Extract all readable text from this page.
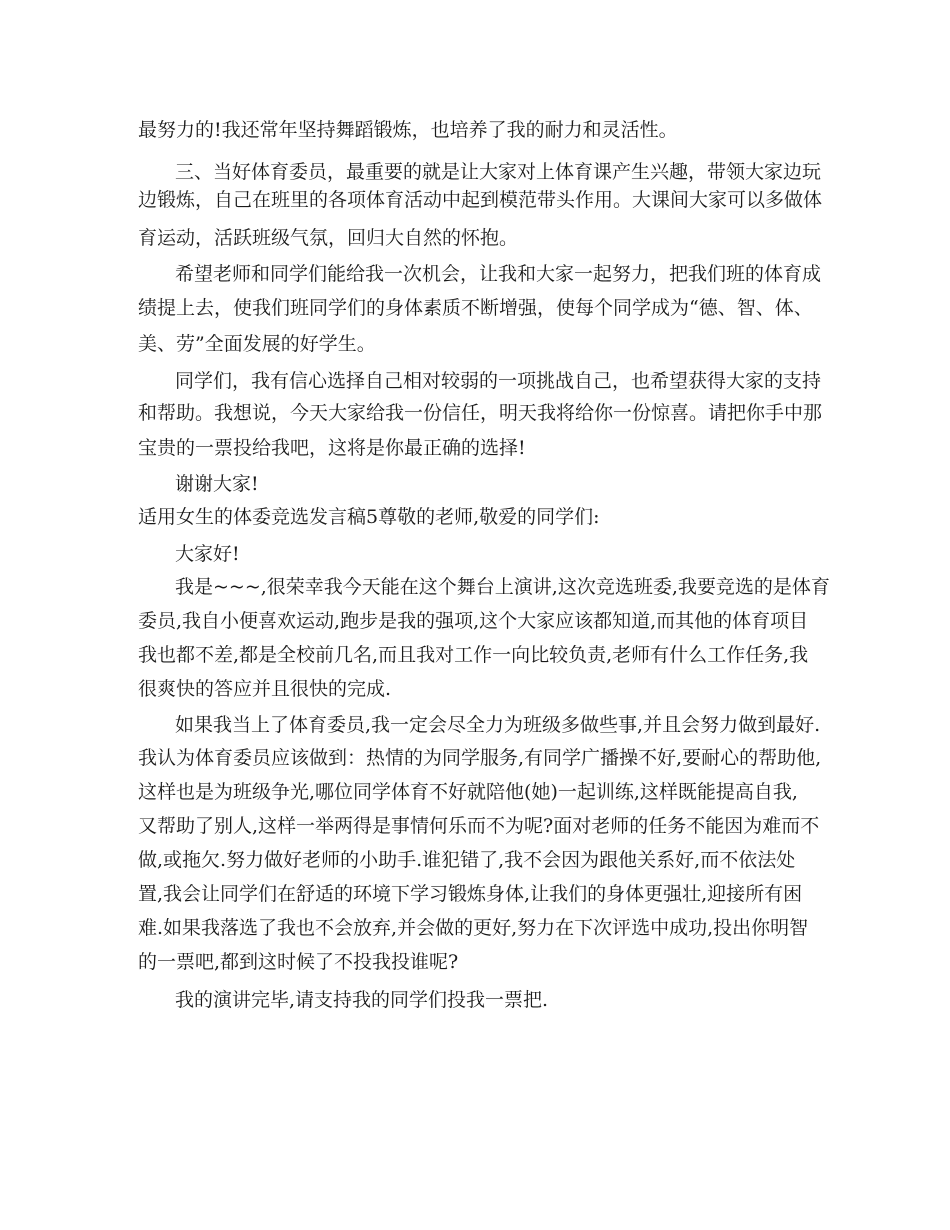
最努力的!我还常年坚持舞蹈锻炼，也培养了我的耐力和灵活性。
三、当好体育委员，最重要的就是让大家对上体育课产生兴趣，带领大家边玩
边锻炼，自己在班里的各项体育活动中起到模范带头作用。大课间大家可以多做体
育运动，活跃班级气氛，回归大自然的怀抱。
希望老师和同学们能给我一次机会，让我和大家一起努力，把我们班的体育成
绩提上去，使我们班同学们的身体素质不断增强，使每个同学成为“德、智、体、
美、劳”全面发展的好学生。
同学们，我有信心选择自己相对较弱的一项挑战自己，也希望获得大家的支持
和帮助。我想说，今天大家给我一份信任，明天我将给你一份惊喜。请把你手中那
宝贵的一票投给我吧，这将是你最正确的选择!
谢谢大家!
适用女生的体委竞选发言稿5尊敬的老师,敬爱的同学们:
大家好!
我是~~~,很荣幸我今天能在这个舞台上演讲,这次竞选班委,我要竞选的是体育
委员,我自小便喜欢运动,跑步是我的强项,这个大家应该都知道,而其他的体育项目
我也都不差,都是全校前几名,而且我对工作一向比较负责,老师有什么工作任务,我
很爽快的答应并且很快的完成.
如果我当上了体育委员,我一定会尽全力为班级多做些事,并且会努力做到最好.
我认为体育委员应该做到：热情的为同学服务,有同学广播操不好,要耐心的帮助他,
这样也是为班级争光,哪位同学体育不好就陪他(她)一起训练,这样既能提高自我,
又帮助了别人,这样一举两得是事情何乐而不为呢?面对老师的任务不能因为难而不
做,或拖欠.努力做好老师的小助手.谁犯错了,我不会因为跟他关系好,而不依法处
置,我会让同学们在舒适的环境下学习锻炼身体,让我们的身体更强壮,迎接所有困
难.如果我落选了我也不会放弃,并会做的更好,努力在下次评选中成功,投出你明智
的一票吧,都到这时候了不投我投谁呢?
我的演讲完毕,请支持我的同学们投我一票把.
